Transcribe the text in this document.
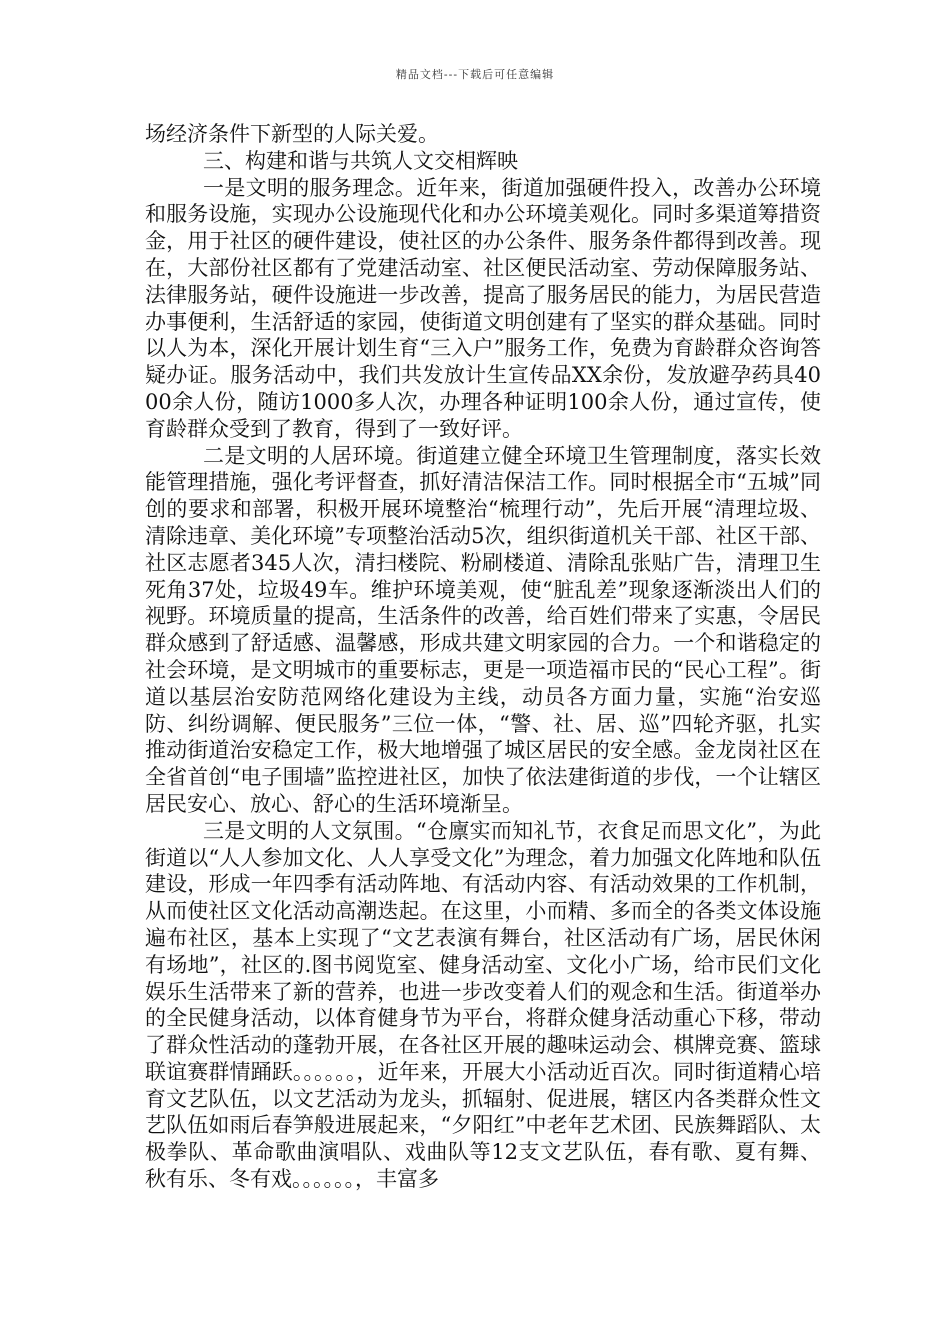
精品文档---下载后可任意编辑

场经济条件下新型的人际关爱。

三、构建和谐与共筑人文交相辉映

一是文明的服务理念。近年来，街道加强硬件投入，改善办公环境和服务设施，实现办公设施现代化和办公环境美观化。同时多渠道筹措资金，用于社区的硬件建设，使社区的办公条件、服务条件都得到改善。现在，大部份社区都有了党建活动室、社区便民活动室、劳动保障服务站、法律服务站，硬件设施进一步改善，提高了服务居民的能力，为居民营造办事便利，生活舒适的家园，使街道文明创建有了坚实的群众基础。同时以人为本，深化开展计划生育“三入户”服务工作，免费为育龄群众咨询答疑办证。服务活动中，我们共发放计生宣传品XX余份，发放避孕药具4000余人份，随访1000多人次，办理各种证明100余人份，通过宣传，使育龄群众受到了教育，得到了一致好评。

二是文明的人居环境。街道建立健全环境卫生管理制度，落实长效能管理措施，强化考评督查，抓好清洁保洁工作。同时根据全市“五城”同创的要求和部署，积极开展环境整治“梳理行动”，先后开展“清理垃圾、清除违章、美化环境”专项整治活动5次，组织街道机关干部、社区干部、社区志愿者345人次，清扫楼院、粉刷楼道、清除乱张贴广告，清理卫生死角37处，垃圾49车。维护环境美观，使“脏乱差”现象逐渐淡出人们的视野。环境质量的提高，生活条件的改善，给百姓们带来了实惠，令居民群众感到了舒适感、温馨感，形成共建文明家园的合力。一个和谐稳定的社会环境，是文明城市的重要标志，更是一项造福市民的“民心工程”。街道以基层治安防范网络化建设为主线，动员各方面力量，实施“治安巡防、纠纷调解、便民服务”三位一体，“警、社、居、巡”四轮齐驱，扎实推动街道治安稳定工作，极大地增强了城区居民的安全感。金龙岗社区在全省首创“电子围墙”监控进社区，加快了依法建街道的步伐，一个让辖区居民安心、放心、舒心的生活环境渐呈。

三是文明的人文氛围。“仓廪实而知礼节，衣食足而思文化”，为此街道以“人人参加文化、人人享受文化”为理念，着力加强文化阵地和队伍建设，形成一年四季有活动阵地、有活动内容、有活动效果的工作机制，从而使社区文化活动高潮迭起。在这里，小而精、多而全的各类文体设施遍布社区，基本上实现了“文艺表演有舞台，社区活动有广场，居民休闲有场地”，社区的.图书阅览室、健身活动室、文化小广场，给市民们文化娱乐生活带来了新的营养，也进一步改变着人们的观念和生活。街道举办的全民健身活动，以体育健身节为平台，将群众健身活动重心下移，带动了群众性活动的蓬勃开展，在各社区开展的趣味运动会、棋牌竞赛、篮球联谊赛群情踊跃。。。。。。，近年来，开展大小活动近百次。同时街道精心培育文艺队伍，以文艺活动为龙头，抓辐射、促进展，辖区内各类群众性文艺队伍如雨后春笋般进展起来，“夕阳红”中老年艺术团、民族舞蹈队、太极拳队、革命歌曲演唱队、戏曲队等12支文艺队伍，春有歌、夏有舞、秋有乐、冬有戏。。。。。。，丰富多
